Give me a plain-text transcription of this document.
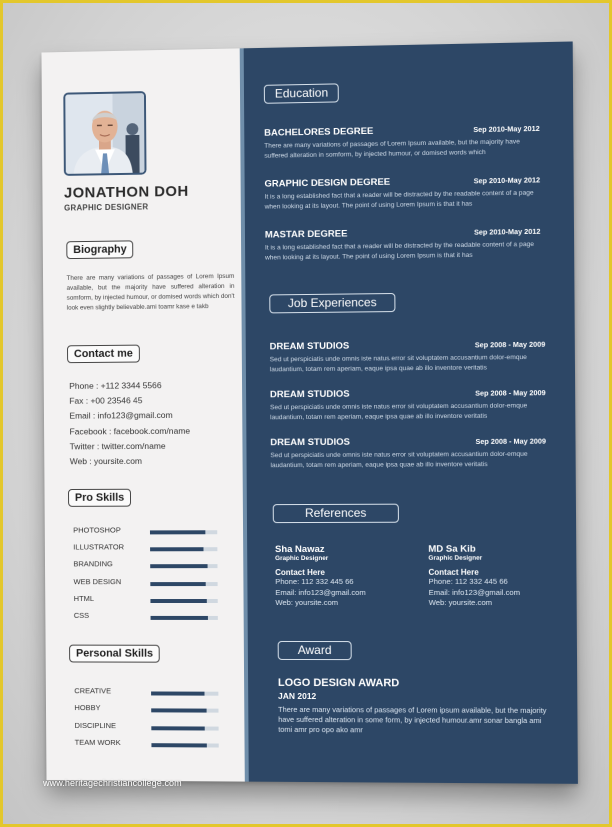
JONATHON DOH
GRAPHIC DESIGNER
Biography
There are many variations of passages of Lorem Ipsum available, but the majority have suffered alteration in somform, by injected humour, or domised words which don't look even slightly believable.ami toamr kase e takb
Contact me
Phone : +112 3344 5566
Fax : +00 23546 45
Email : info123@gmail.com
Facebook : facebook.com/name
Twitter : twitter.com/name
Web : yoursite.com
Pro Skills
PHOTOSHOP
ILLUSTRATOR
BRANDING
WEB DESIGN
HTML
CSS
Personal Skills
CREATIVE
HOBBY
DISCIPLINE
TEAM WORK
Education
BACHELORES DEGREE	Sep 2010-May 2012
There are many variations of passages of Lorem Ipsum available, but the majority have suffered alteration in somform, by injected humour, or domised words which
GRAPHIC DESIGN DEGREE	Sep 2010-May 2012
It is a long established fact that a reader will be distracted by the readable content of a page when looking at its layout. The point of using Lorem Ipsum is that it has
MASTAR DEGREE	Sep 2010-May 2012
It is a long established fact that a reader will be distracted by the readable content of a page when looking at its layout. The point of using Lorem Ipsum is that it has
Job Experiences
DREAM STUDIOS	Sep 2008 - May 2009
Sed ut perspiciatis unde omnis iste natus error sit voluptatem accusantium dolor-emque laudantium, totam rem aperiam, eaque ipsa quae ab illo inventore veritatis
DREAM STUDIOS	Sep 2008 - May 2009
Sed ut perspiciatis unde omnis iste natus error sit voluptatem accusantium dolor-emque laudantium, totam rem aperiam, eaque ipsa quae ab illo inventore veritatis
DREAM STUDIOS	Sep 2008 - May 2009
Sed ut perspiciatis unde omnis iste natus error sit voluptatem accusantium dolor-emque laudantium, totam rem aperiam, eaque ipsa quae ab illo inventore veritatis
References
Sha Nawaz
Graphic Designer
Contact Here
Phone: 112 332 445 66
Email: info123@gmail.com
Web: yoursite.com
MD Sa Kib
Graphic Designer
Contact Here
Phone: 112 332 445 66
Email: info123@gmail.com
Web: yoursite.com
Award
LOGO DESIGN AWARD
JAN 2012
There are many variations of passages of Lorem ipsum available, but the majority have suffered alteration in some form, by injected humour.amr sonar bangla ami tomi amr pro opo ako amr
www.heritagechristiancollege.com
